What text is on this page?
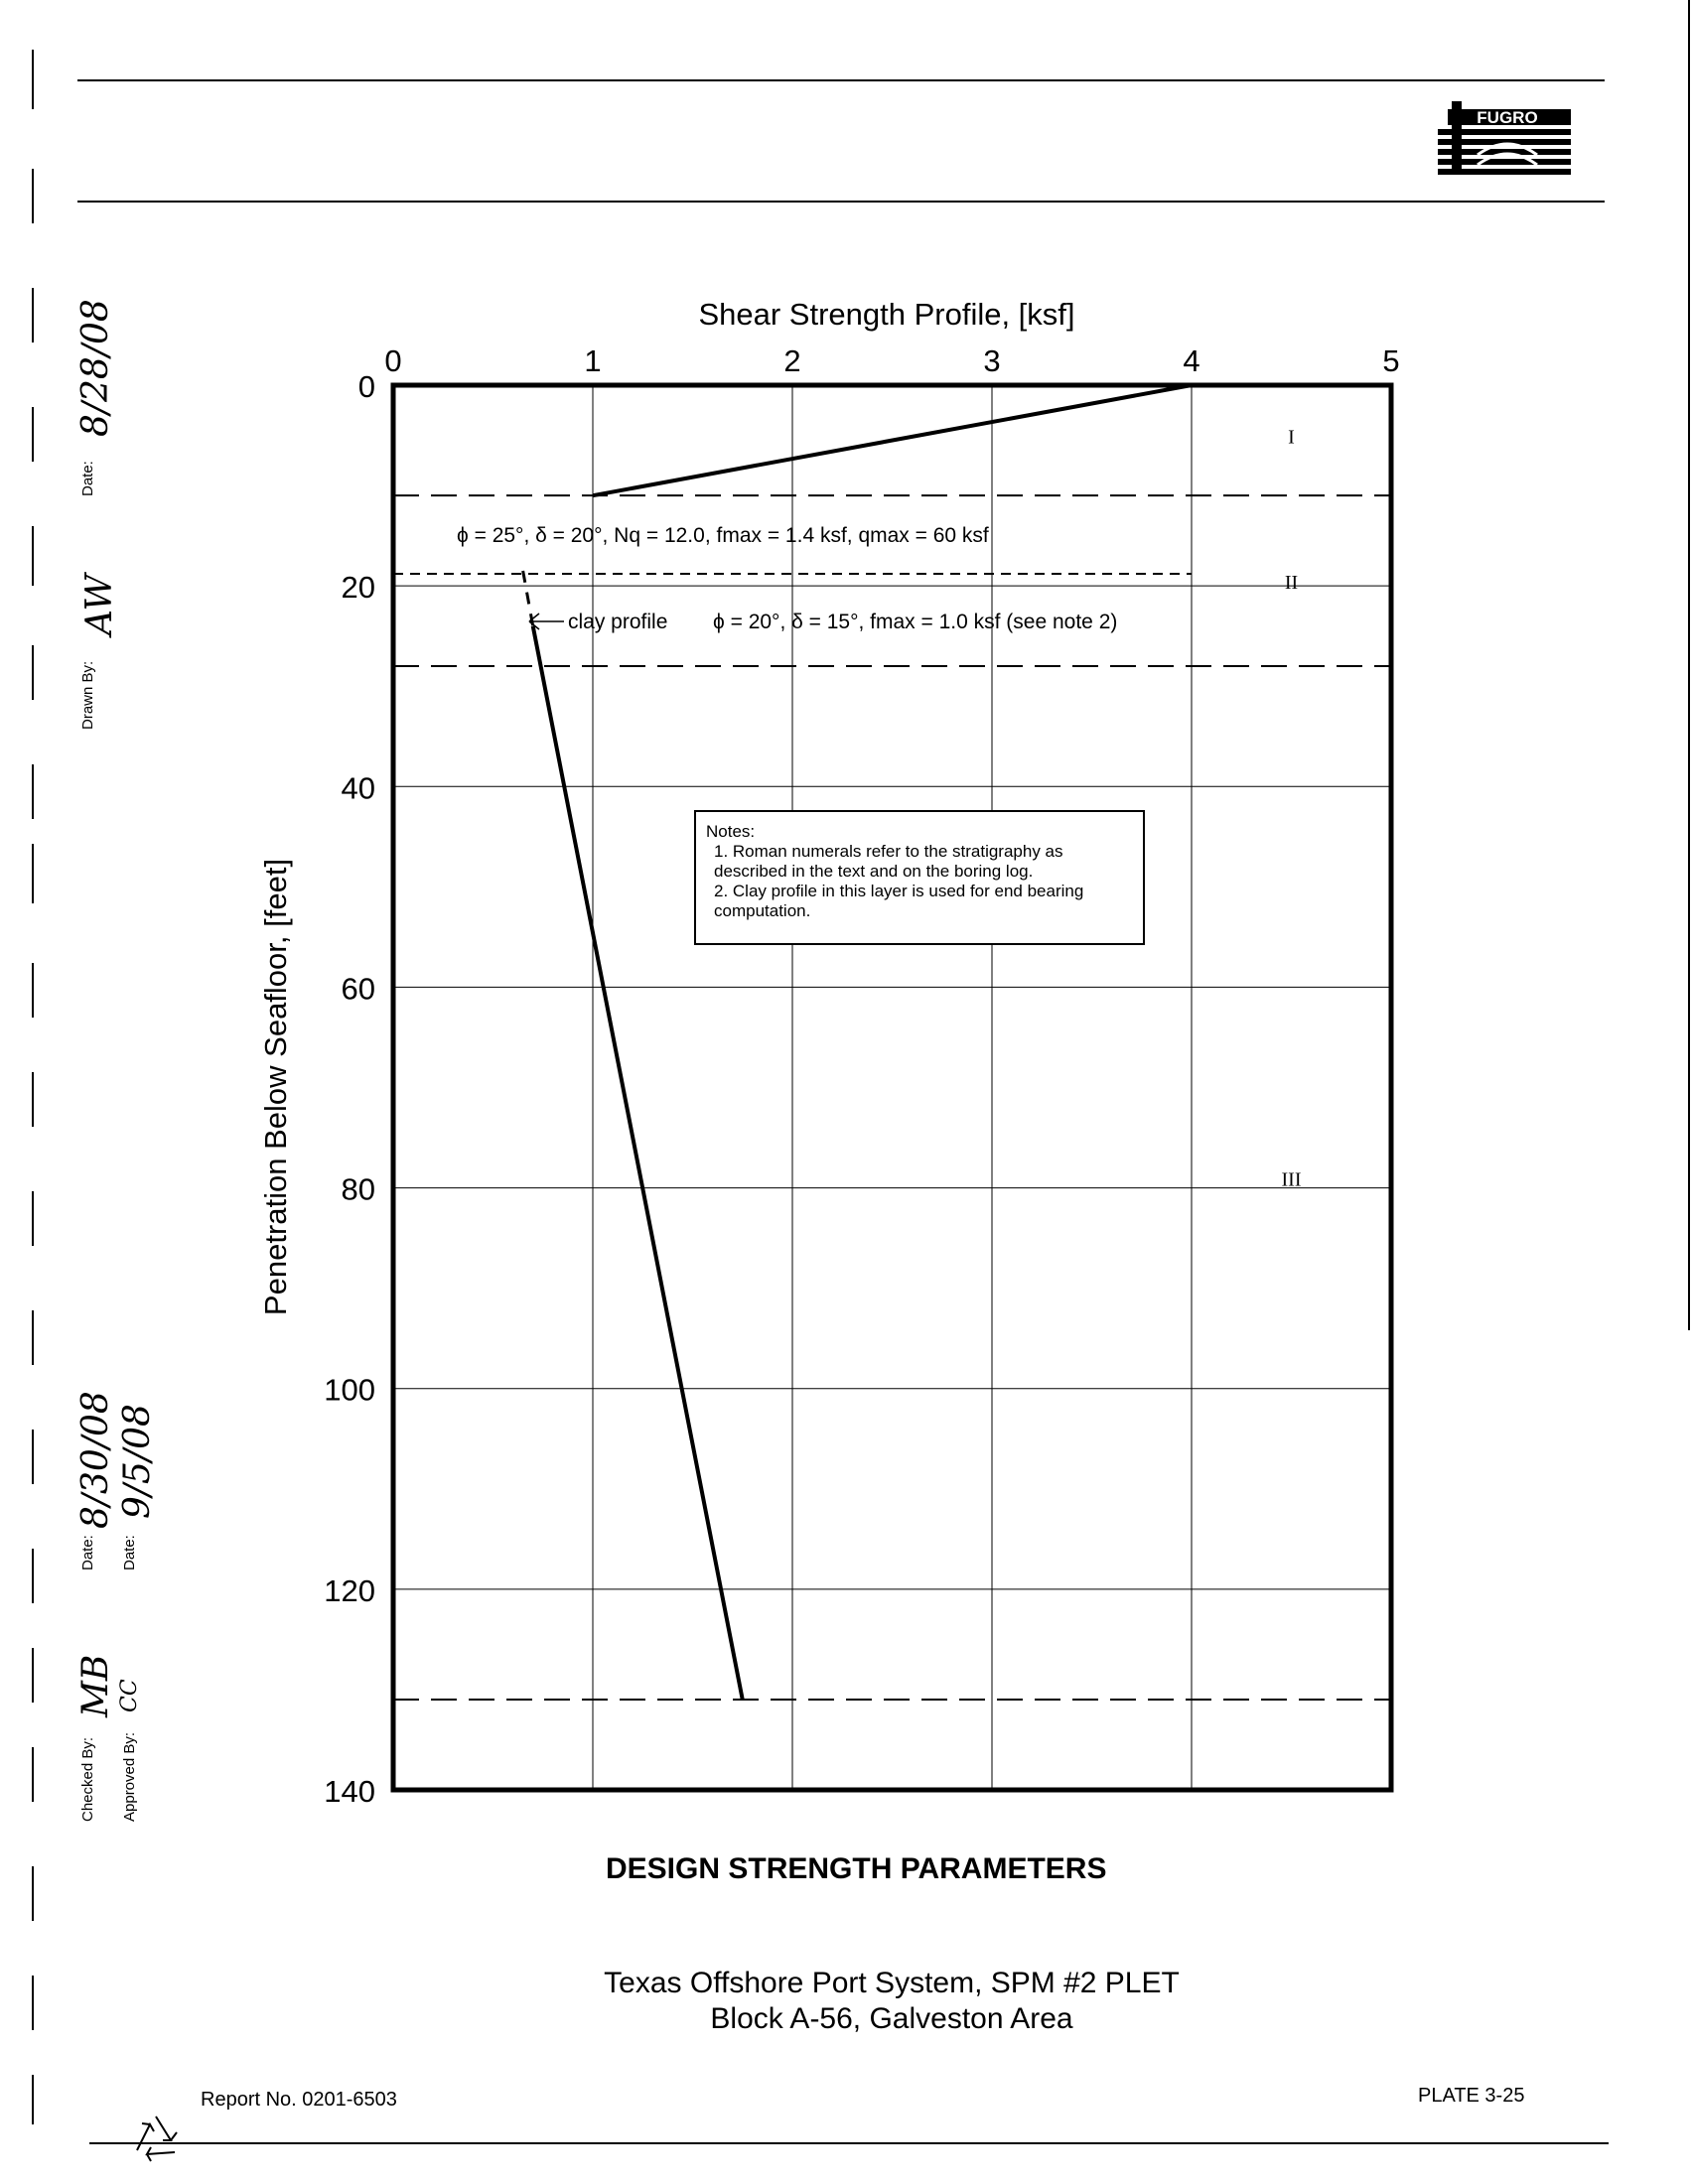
FUGRO
Date:
8/28/08
Drawn By:
AW
Date:
8/30/08
Date:
9/5/08
Checked By:
MB
Approved By:
CC
0	1	2	3	4	5
0
20
40
60
80
100
120
140
I
II
III
Shear Strength Profile, [ksf]
Penetration Below Seafloor, [feet]
ϕ = 25°, δ = 20°, Nq = 12.0, fmax = 1.4 ksf, qmax = 60 ksf
clay profile ϕ = 20°, δ = 15°, fmax = 1.0 ksf (see note 2)
Notes:
1. Roman numerals refer to the stratigraphy as described in the text and on the boring log.
2. Clay profile in this layer is used for end bearing computation.
DESIGN STRENGTH PARAMETERS
Texas Offshore Port System, SPM #2 PLET
Block A-56, Galveston Area
Report No. 0201-6503	PLATE 3-25
